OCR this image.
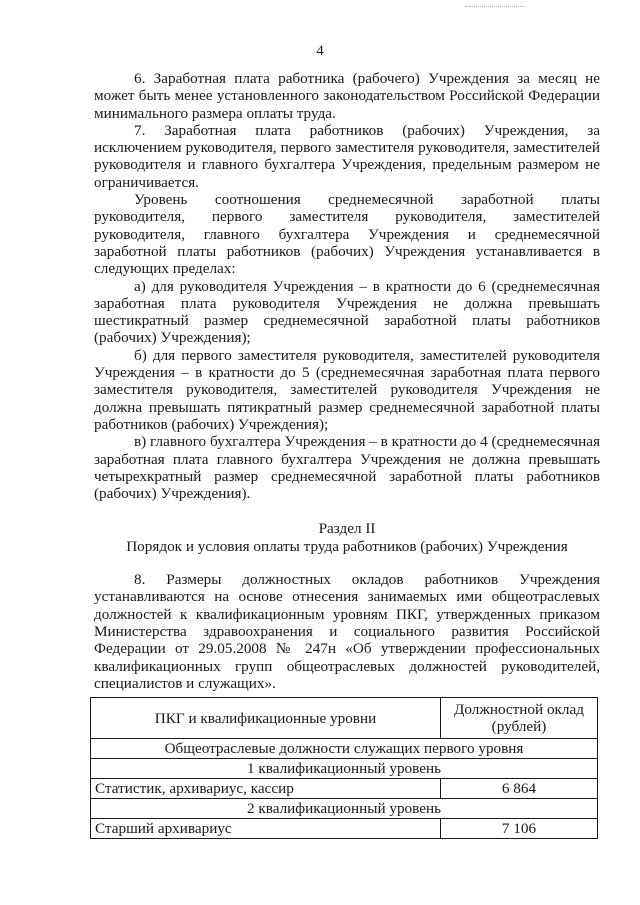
4

6. Заработная плата работника (рабочего) Учреждения за месяц не может быть менее установленного законодательством Российской Федерации минимального размера оплаты труда.

7. Заработная плата работников (рабочих) Учреждения, за исключением руководителя, первого заместителя руководителя, заместителей руководителя и главного бухгалтера Учреждения, предельным размером не ограничивается.

Уровень соотношения среднемесячной заработной платы руководителя, первого заместителя руководителя, заместителей руководителя, главного бухгалтера Учреждения и среднемесячной заработной платы работников (рабочих) Учреждения устанавливается в следующих пределах:

а) для руководителя Учреждения – в кратности до 6 (среднемесячная заработная плата руководителя Учреждения не должна превышать шестикратный размер среднемесячной заработной платы работников (рабочих) Учреждения);

б) для первого заместителя руководителя, заместителей руководителя Учреждения – в кратности до 5 (среднемесячная заработная плата первого заместителя руководителя, заместителей руководителя Учреждения не должна превышать пятикратный размер среднемесячной заработной платы работников (рабочих) Учреждения);

в) главного бухгалтера Учреждения – в кратности до 4 (среднемесячная заработная плата главного бухгалтера Учреждения не должна превышать четырехкратный размер среднемесячной заработной платы работников (рабочих) Учреждения).

Раздел II

Порядок и условия оплаты труда работников (рабочих) Учреждения

8. Размеры должностных окладов работников Учреждения устанавливаются на основе отнесения занимаемых ими общеотраслевых должностей к квалификационным уровням ПКГ, утвержденных приказом Министерства здравоохранения и социального развития Российской Федерации от 29.05.2008 № 247н «Об утверждении профессиональных квалификационных групп общеотраслевых должностей руководителей, специалистов и служащих».

ПКГ и квалификационные уровни	Должностной оклад (рублей)
Общеотраслевые должности служащих первого уровня	
1 квалификационный уровень	
Статистик, архивариус, кассир	6 864
2 квалификационный уровень	
Старший архивариус	7 106
